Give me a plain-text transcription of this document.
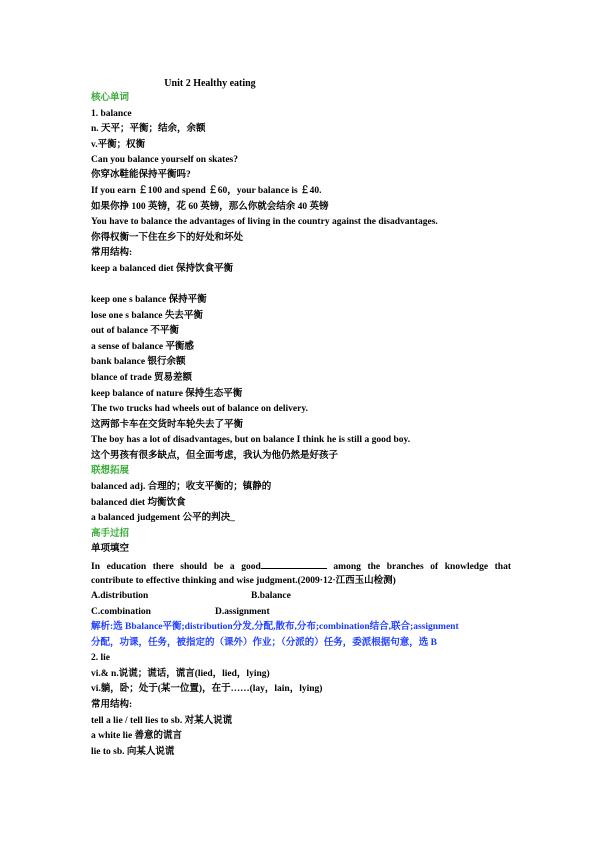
Unit 2 Healthy eating
核心单词
1. balance
n. 天平；平衡；结余，余额
v.平衡；权衡
Can you balance yourself on skates?
你穿冰鞋能保持平衡吗?
If you earn ￡100 and spend ￡60，your balance is ￡40.
如果你挣 100 英镑，花 60 英镑，那么你就会结余 40 英镑
You have to balance the advantages of living in the country against the disadvantages.
你得权衡一下住在乡下的好处和坏处
常用结构:
keep a balanced diet 保持饮食平衡
keep one s balance 保持平衡
lose one s balance 失去平衡
out of balance 不平衡
a sense of balance 平衡感
bank balance 银行余额
blance of trade 贸易差额
keep balance of nature 保持生态平衡
The two trucks had wheels out of balance on delivery.
这两部卡车在交货时车轮失去了平衡
The boy has a lot of disadvantages, but on balance I think he is still a good boy.
这个男孩有很多缺点，但全面考虑，我认为他仍然是好孩子
联想拓展
balanced adj. 合理的；收支平衡的；镇静的
balanced diet 均衡饮食
a balanced judgement 公平的判决_
高手过招
单项填空
In education there should be a good	among the branches of knowledge that
contribute to effective thinking and wise judgment.(2009·12·江西玉山检测)
A.distribution	B.balance
C.combination	D.assignment
解析:选 Bbalance平衡;distribution分发,分配,散布,分布;combination结合,联合;assignment
分配，功课，任务，被指定的（课外）作业；（分派的）任务，委派根据句意，选 B
2. lie
vi.& n.说谎；谎话，谎言(lied，lied，lying)
vi.躺，卧；处于(某一位置)，在于……(lay，lain，lying)
常用结构:
tell a lie / tell lies to sb. 对某人说谎
a white lie 善意的谎言
lie to sb. 向某人说谎
